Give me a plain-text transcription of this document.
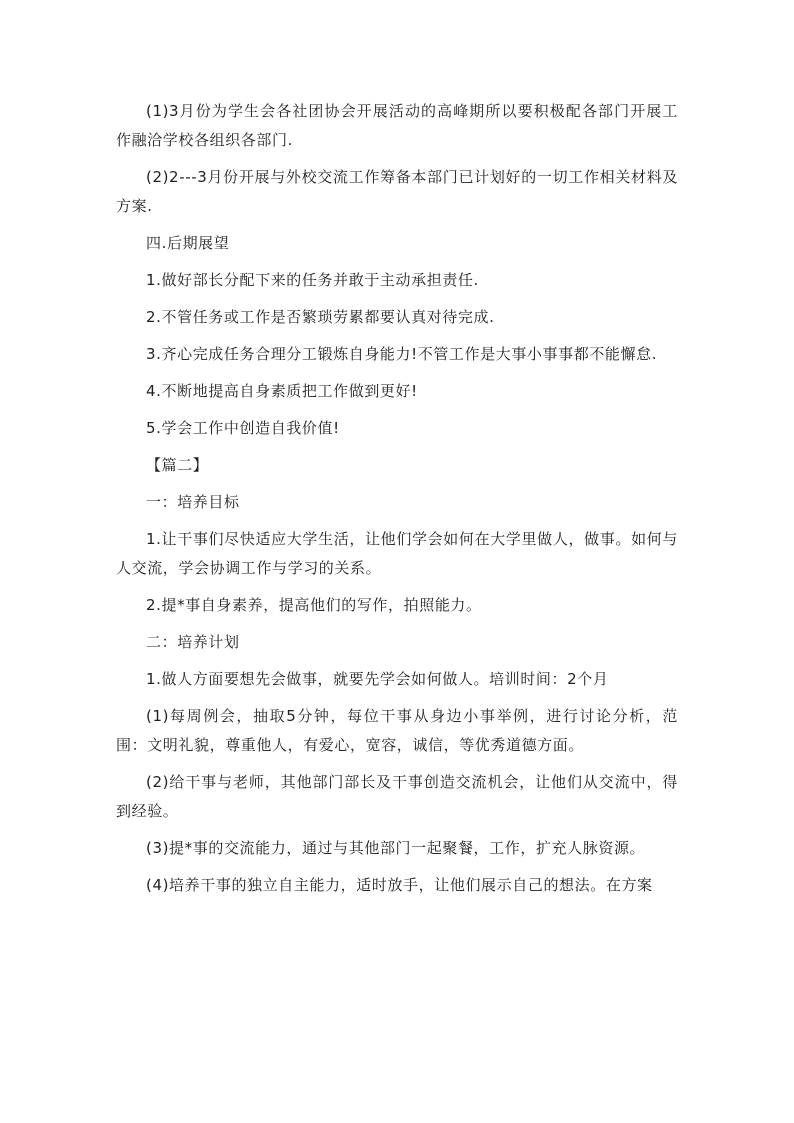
(1)3月份为学生会各社团协会开展活动的高峰期所以要积极配各部门开展工作融洽学校各组织各部门.

(2)2---3月份开展与外校交流工作筹备本部门已计划好的一切工作相关材料及方案.

四.后期展望

1.做好部长分配下来的任务并敢于主动承担责任.

2.不管任务或工作是否繁琐劳累都要认真对待完成.

3.齐心完成任务合理分工锻炼自身能力!不管工作是大事小事事都不能懈怠.

4.不断地提高自身素质把工作做到更好!

5.学会工作中创造自我价值!

【篇二】

一：培养目标

1.让干事们尽快适应大学生活，让他们学会如何在大学里做人，做事。如何与人交流，学会协调工作与学习的关系。

2.提*事自身素养，提高他们的写作，拍照能力。

二：培养计划

1.做人方面要想先会做事，就要先学会如何做人。培训时间：2个月

(1)每周例会，抽取5分钟，每位干事从身边小事举例，进行讨论分析，范围：文明礼貌，尊重他人，有爱心，宽容，诚信，等优秀道德方面。

(2)给干事与老师，其他部门部长及干事创造交流机会，让他们从交流中，得到经验。

(3)提*事的交流能力，通过与其他部门一起聚餐，工作，扩充人脉资源。

(4)培养干事的独立自主能力，适时放手，让他们展示自己的想法。在方案
